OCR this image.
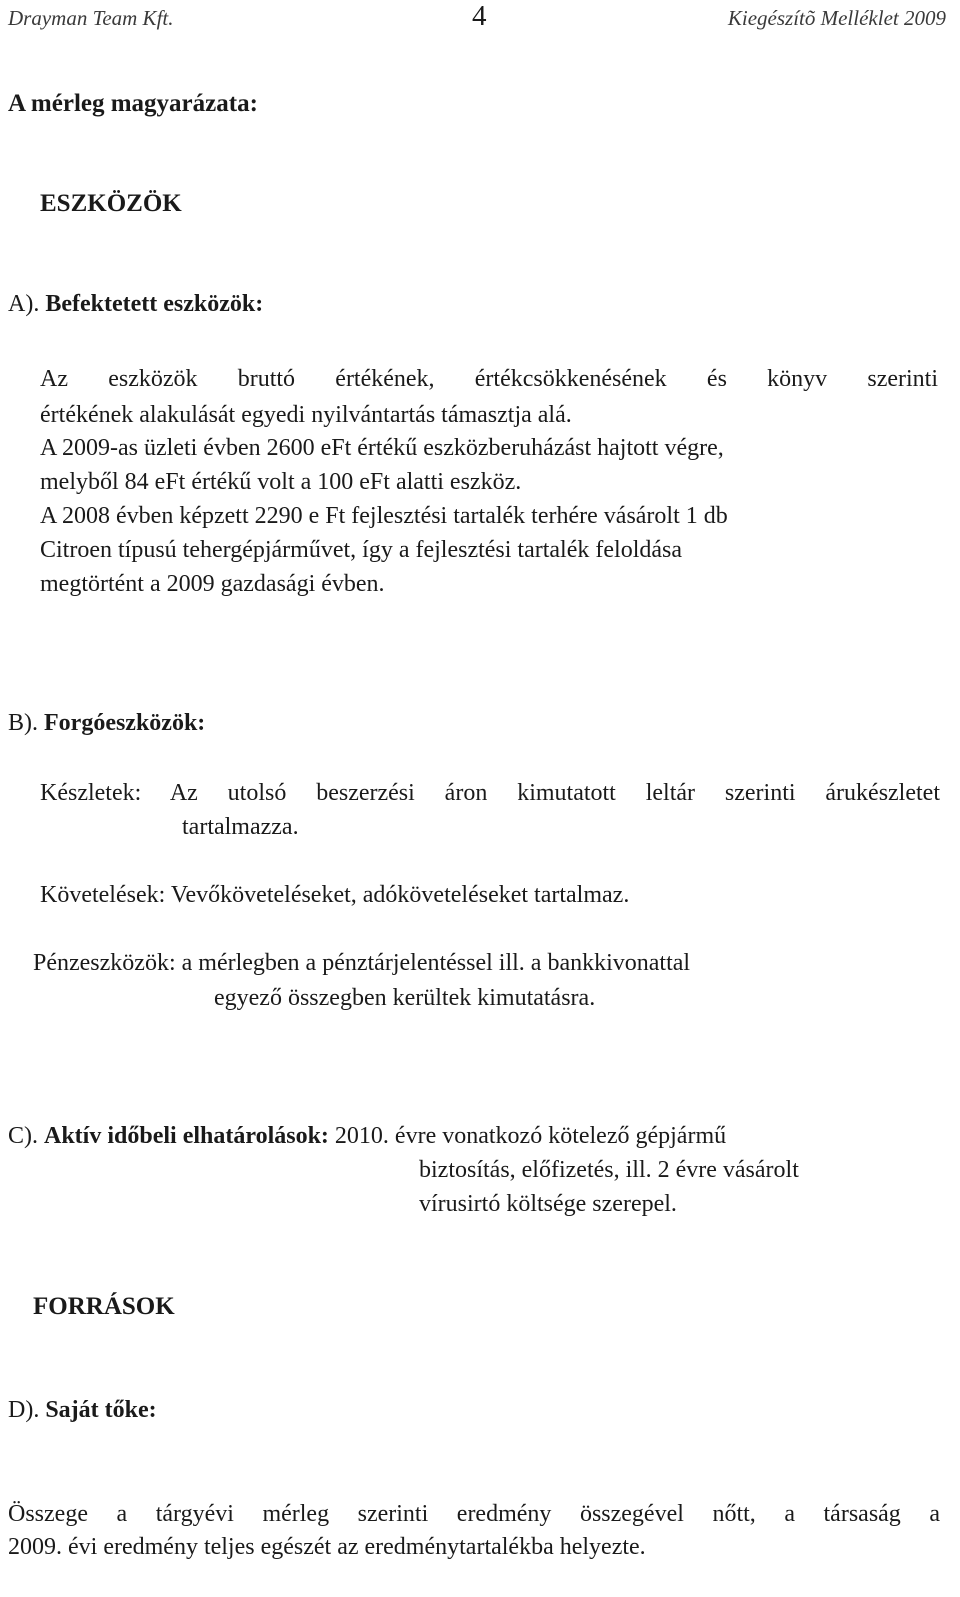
Drayman Team Kft.	4	Kiegészítõ Melléklet 2009
A mérleg magyarázata:
ESZKÖZÖK
A). Befektetett eszközök:
Az eszközök bruttó értékének, értékcsökkenésének és könyv szerinti
értékének alakulását egyedi nyilvántartás támasztja alá.
A 2009-as üzleti évben 2600 eFt értékű eszközberuházást hajtott végre,
melyből 84 eFt értékű volt a 100 eFt alatti eszköz.
A 2008 évben képzett 2290 e Ft fejlesztési tartalék terhére vásárolt 1 db
Citroen típusú tehergépjárművet, így a fejlesztési tartalék feloldása
megtörtént a 2009 gazdasági évben.
B). Forgóeszközök:
Készletek: Az utolsó beszerzési áron kimutatott leltár szerinti árukészletet
tartalmazza.
Követelések: Vevőköveteléseket, adóköveteléseket tartalmaz.
Pénzeszközök: a mérlegben a pénztárjelentéssel ill. a bankkivonattal
egyező összegben kerültek kimutatásra.
C). Aktív időbeli elhatárolások: 2010. évre vonatkozó kötelező gépjármű
biztosítás, előfizetés, ill. 2 évre vásárolt
vírusirtó költsége szerepel.
FORRÁSOK
D). Saját tőke:
Összege a tárgyévi mérleg szerinti eredmény összegével nőtt, a társaság a
2009. évi eredmény teljes egészét az eredménytartalékba helyezte.
